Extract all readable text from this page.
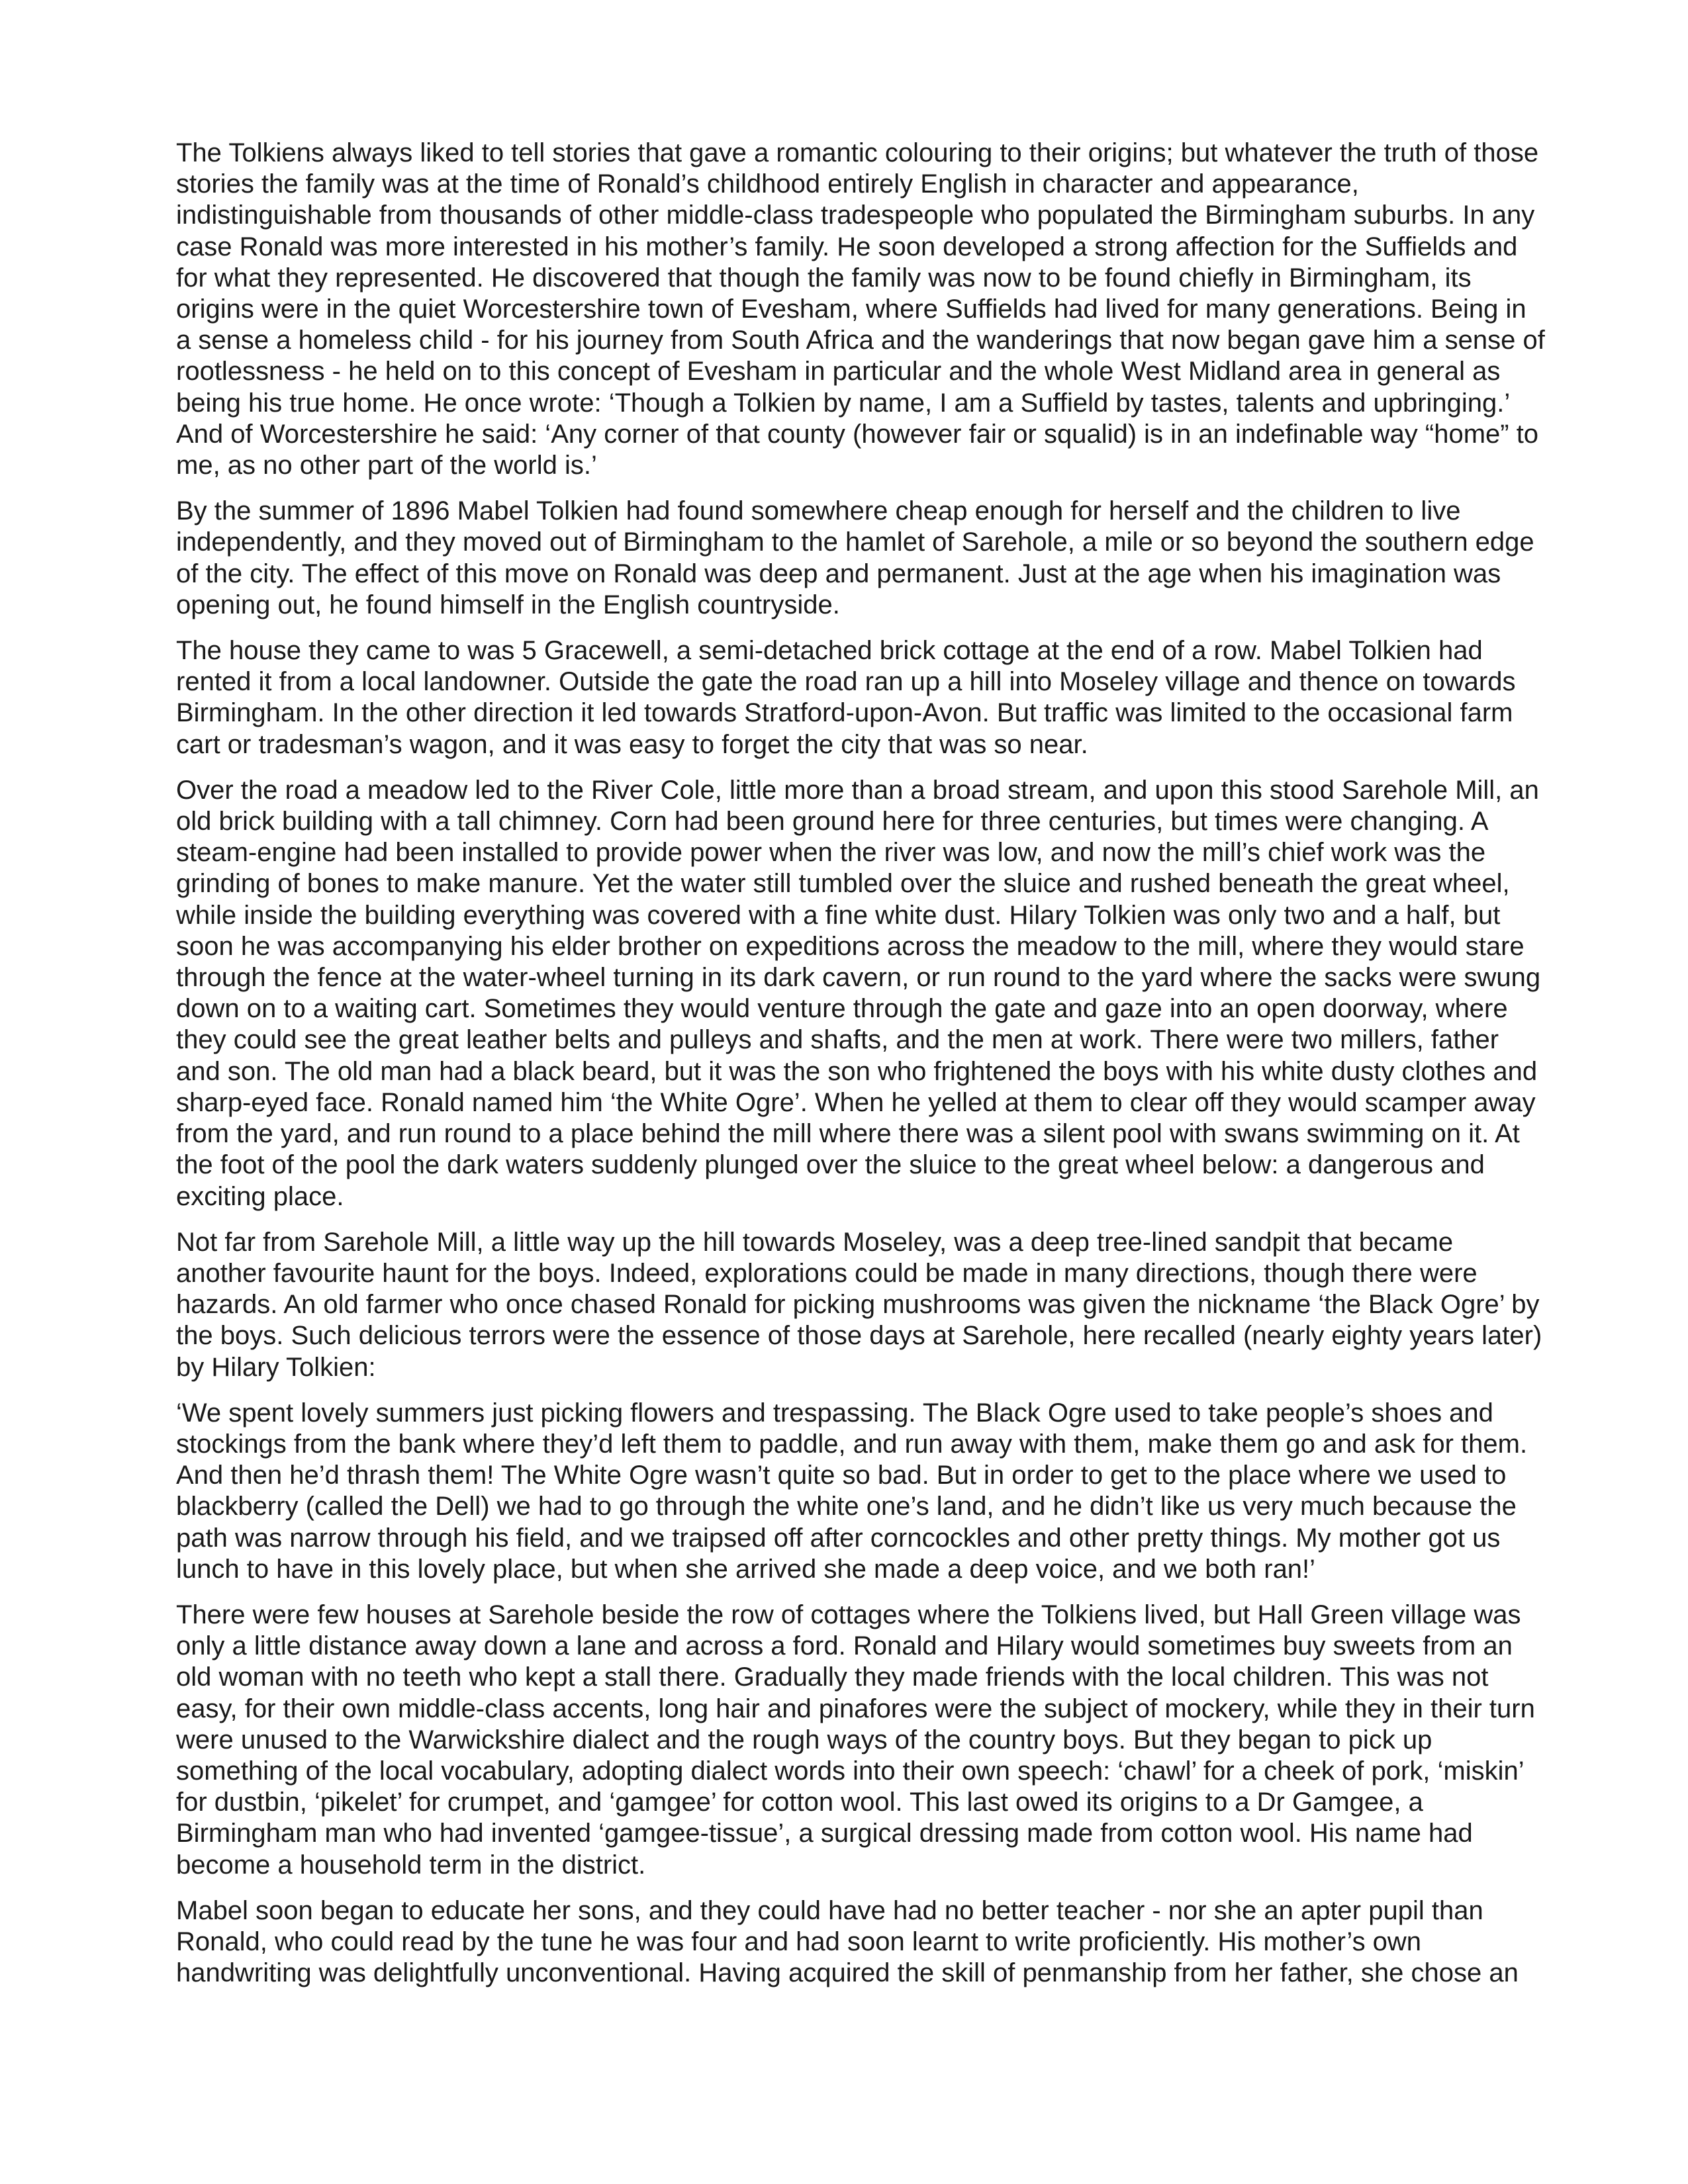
The Tolkiens always liked to tell stories that gave a romantic colouring to their origins; but whatever the truth of those stories the family was at the time of Ronald’s childhood entirely English in character and appearance, indistinguishable from thousands of other middle-class tradespeople who populated the Birmingham suburbs. In any case Ronald was more interested in his mother’s family. He soon developed a strong affection for the Suffields and for what they represented. He discovered that though the family was now to be found chiefly in Birmingham, its origins were in the quiet Worcestershire town of Evesham, where Suffields had lived for many generations. Being in a sense a homeless child - for his journey from South Africa and the wanderings that now began gave him a sense of rootlessness - he held on to this concept of Evesham in particular and the whole West Midland area in general as being his true home. He once wrote: ‘Though a Tolkien by name, I am a Suffield by tastes, talents and upbringing.’ And of Worcestershire he said: ‘Any corner of that county (however fair or squalid) is in an indefinable way “home” to me, as no other part of the world is.’

By the summer of 1896 Mabel Tolkien had found somewhere cheap enough for herself and the children to live independently, and they moved out of Birmingham to the hamlet of Sarehole, a mile or so beyond the southern edge of the city. The effect of this move on Ronald was deep and permanent. Just at the age when his imagination was opening out, he found himself in the English countryside.

The house they came to was 5 Gracewell, a semi-detached brick cottage at the end of a row. Mabel Tolkien had rented it from a local landowner. Outside the gate the road ran up a hill into Moseley village and thence on towards Birmingham. In the other direction it led towards Stratford-upon-Avon. But traffic was limited to the occasional farm cart or tradesman’s wagon, and it was easy to forget the city that was so near.

Over the road a meadow led to the River Cole, little more than a broad stream, and upon this stood Sarehole Mill, an old brick building with a tall chimney. Corn had been ground here for three centuries, but times were changing. A steam-engine had been installed to provide power when the river was low, and now the mill’s chief work was the grinding of bones to make manure. Yet the water still tumbled over the sluice and rushed beneath the great wheel, while inside the building everything was covered with a fine white dust. Hilary Tolkien was only two and a half, but soon he was accompanying his elder brother on expeditions across the meadow to the mill, where they would stare through the fence at the water-wheel turning in its dark cavern, or run round to the yard where the sacks were swung down on to a waiting cart. Sometimes they would venture through the gate and gaze into an open doorway, where they could see the great leather belts and pulleys and shafts, and the men at work. There were two millers, father and son. The old man had a black beard, but it was the son who frightened the boys with his white dusty clothes and sharp-eyed face. Ronald named him ‘the White Ogre’. When he yelled at them to clear off they would scamper away from the yard, and run round to a place behind the mill where there was a silent pool with swans swimming on it. At the foot of the pool the dark waters suddenly plunged over the sluice to the great wheel below: a dangerous and exciting place.

Not far from Sarehole Mill, a little way up the hill towards Moseley, was a deep tree-lined sandpit that became another favourite haunt for the boys. Indeed, explorations could be made in many directions, though there were hazards. An old farmer who once chased Ronald for picking mushrooms was given the nickname ‘the Black Ogre’ by the boys. Such delicious terrors were the essence of those days at Sarehole, here recalled (nearly eighty years later) by Hilary Tolkien:

‘We spent lovely summers just picking flowers and trespassing. The Black Ogre used to take people’s shoes and stockings from the bank where they’d left them to paddle, and run away with them, make them go and ask for them. And then he’d thrash them! The White Ogre wasn’t quite so bad. But in order to get to the place where we used to blackberry (called the Dell) we had to go through the white one’s land, and he didn’t like us very much because the path was narrow through his field, and we traipsed off after corncockles and other pretty things. My mother got us lunch to have in this lovely place, but when she arrived she made a deep voice, and we both ran!’

There were few houses at Sarehole beside the row of cottages where the Tolkiens lived, but Hall Green village was only a little distance away down a lane and across a ford. Ronald and Hilary would sometimes buy sweets from an old woman with no teeth who kept a stall there. Gradually they made friends with the local children. This was not easy, for their own middle-class accents, long hair and pinafores were the subject of mockery, while they in their turn were unused to the Warwickshire dialect and the rough ways of the country boys. But they began to pick up something of the local vocabulary, adopting dialect words into their own speech: ‘chawl’ for a cheek of pork, ‘miskin’ for dustbin, ‘pikelet’ for crumpet, and ‘gamgee’ for cotton wool. This last owed its origins to a Dr Gamgee, a Birmingham man who had invented ‘gamgee-tissue’, a surgical dressing made from cotton wool. His name had become a household term in the district.

Mabel soon began to educate her sons, and they could have had no better teacher - nor she an apter pupil than Ronald, who could read by the tune he was four and had soon learnt to write proficiently. His mother’s own handwriting was delightfully unconventional. Having acquired the skill of penmanship from her father, she chose an
